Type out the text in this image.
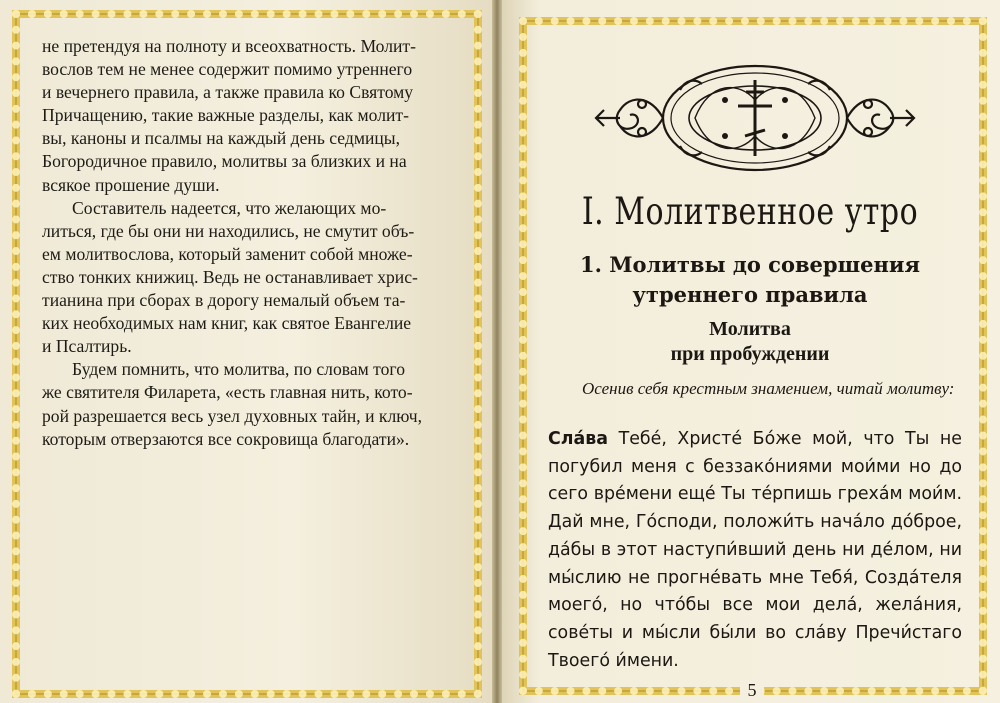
не претендуя на полноту и всеохватность. Молит-

вослов тем не менее содержит помимо утреннего

и вечернего правила, а также правила ко Святому

Причащению, такие важные разделы, как молит-

вы, каноны и псалмы на каждый день седмицы,

Богородичное правило, молитвы за близких и на

всякое прошение души.

Составитель надеется, что желающих мо-

литься, где бы они ни находились, не смутит объ-

ем молитвослова, который заменит собой множе-

ство тонких книжиц. Ведь не останавливает хрис-

тианина при сборах в дорогу немалый объем та-

ких необходимых нам книг, как святое Евангелие

и Псалтирь.

Будем помнить, что молитва, по словам того

же святителя Филарета, «есть главная нить, кото-

рой разрешается весь узел духовных тайн, и ключ,

которым отверзаются все сокровища благодати».

I. Молитвенное утро
1. Молитвы до совершения
утреннего правила
Молитва
при пробуждении
Осенив себя крестным знамением, читай молитву:
Сла́ва Тебе́, Христе́ Бо́же мой, что Ты не погубил меня с беззако́ниями мои́ми но до сего вре́мени еще́ Ты те́рпишь греха́м мои́м. Дай мне, Го́споди, положи́ть нача́ло до́брое, да́бы в этот наступи́вший день ни де́лом, ни мы́слию не прогне́вать мне Тебя́, Созда́теля моего́, но что́бы все мои дела́, жела́ния, сове́ты и мы́сли бы́ли во сла́ву Пречи́стаго Твоего́ и́мени.
5
